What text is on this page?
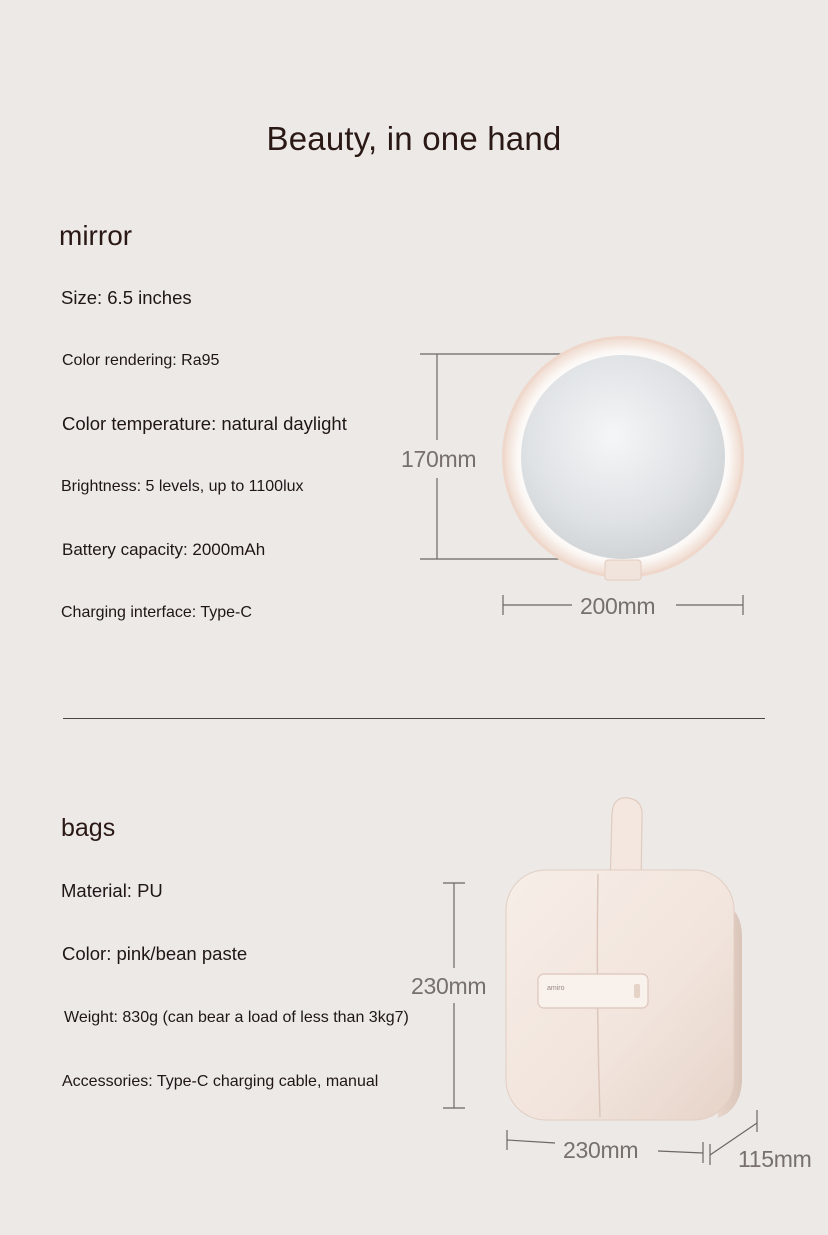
Beauty, in one hand
mirror
Size: 6.5 inches
Color rendering: Ra95
Color temperature: natural daylight
Brightness: 5 levels, up to 1100lux
Battery capacity: 2000mAh
Charging interface: Type-C
170mm
200mm
bags
Material: PU
Color: pink/bean paste
Weight: 830g (can bear a load of less than 3kg7)
Accessories: Type-C charging cable, manual
230mm
230mm	115mm
amiro
